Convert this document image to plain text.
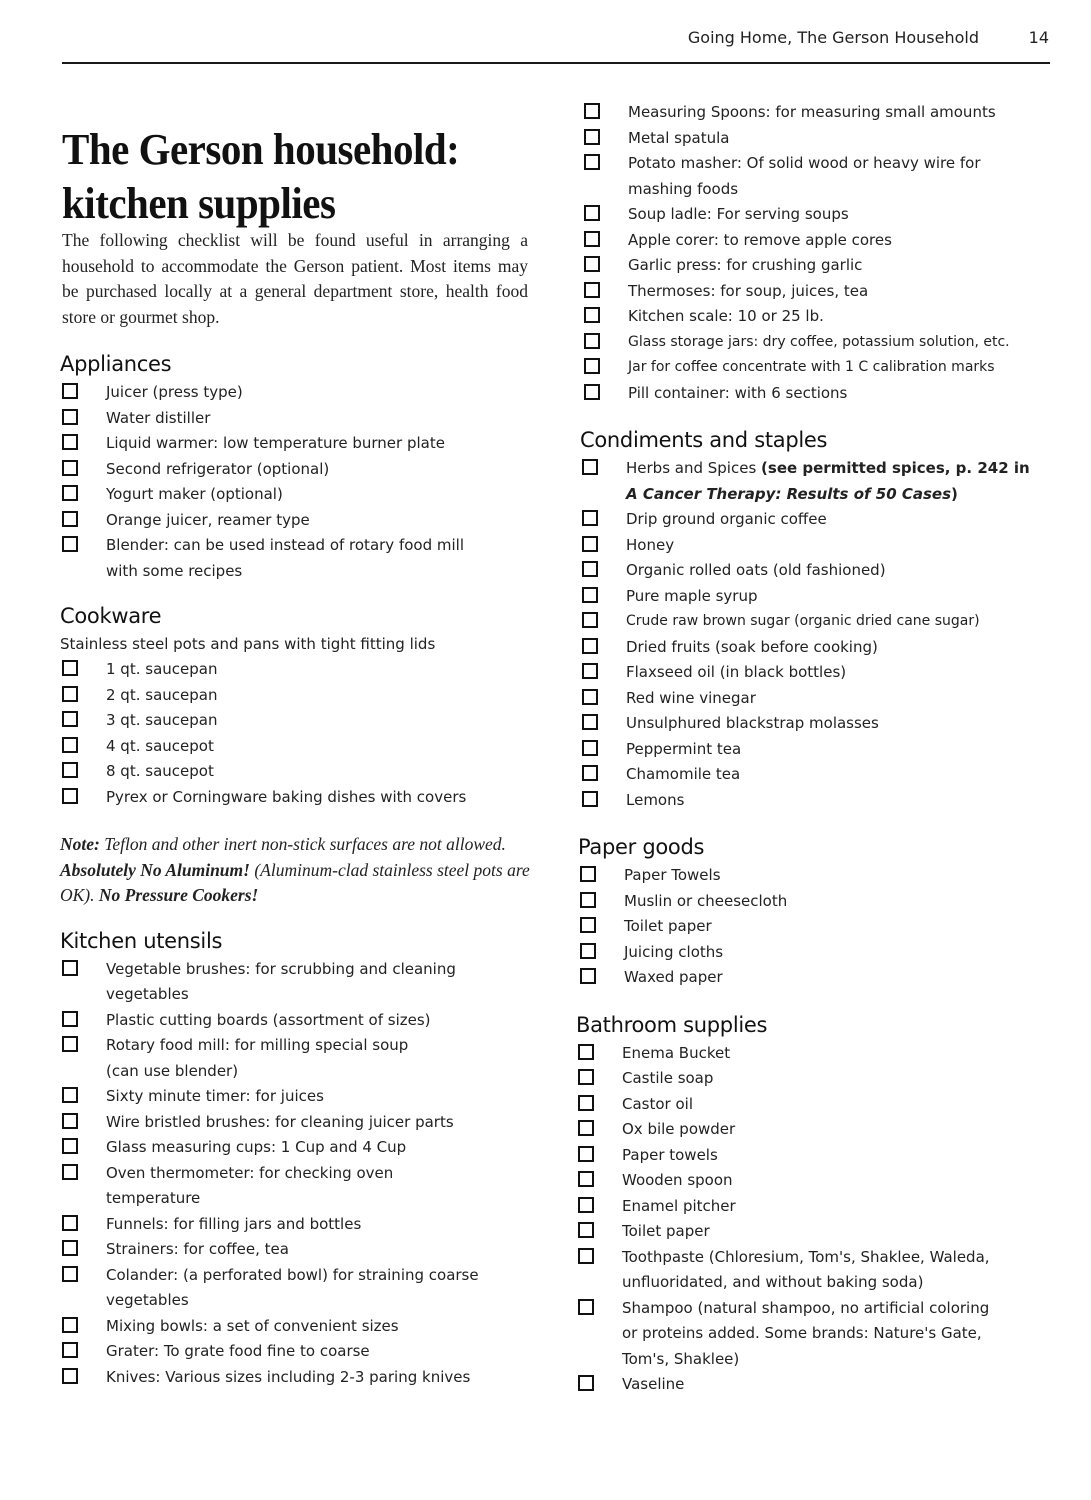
Going Home, The Gerson Household	14
The Gerson household:
kitchen supplies

The following checklist will be found useful in arranging a household to accommodate the Gerson patient. Most items may be purchased locally at a general department store, health food store or gourmet shop.

Appliances
Juicer (press type)
Water distiller
Liquid warmer: low temperature burner plate
Second refrigerator (optional)
Yogurt maker (optional)
Orange juicer, reamer type
Blender: can be used instead of rotary food mill with some recipes
Cookware

Stainless steel pots and pans with tight fitting lids

1 qt. saucepan
2 qt. saucepan
3 qt. saucepan
4 qt. saucepot
8 qt. saucepot
Pyrex or Corningware baking dishes with covers

Note: Teflon and other inert non-stick surfaces are not allowed. Absolutely No Aluminum! (Aluminum-clad stainless steel pots are OK). No Pressure Cookers!

Kitchen utensils
Vegetable brushes: for scrubbing and cleaning vegetables
Plastic cutting boards (assortment of sizes)
Rotary food mill: for milling special soup (can use blender)
Sixty minute timer: for juices
Wire bristled brushes: for cleaning juicer parts
Glass measuring cups: 1 Cup and 4 Cup
Oven thermometer: for checking oven temperature
Funnels: for filling jars and bottles
Strainers: for coffee, tea
Colander: (a perforated bowl) for straining coarse vegetables
Mixing bowls: a set of convenient sizes
Grater: To grate food fine to coarse
Knives: Various sizes including 2-3 paring knives
Measuring Spoons: for measuring small amounts
Metal spatula
Potato masher: Of solid wood or heavy wire for mashing foods
Soup ladle: For serving soups
Apple corer: to remove apple cores
Garlic press: for crushing garlic
Thermoses: for soup, juices, tea
Kitchen scale: 10 or 25 lb.
Glass storage jars: dry coffee, potassium solution, etc.
Jar for coffee concentrate with 1 C calibration marks
Pill container: with 6 sections
Condiments and staples
Herbs and Spices (see permitted spices, p. 242 in A Cancer Therapy: Results of 50 Cases)
Drip ground organic coffee
Honey
Organic rolled oats (old fashioned)
Pure maple syrup
Crude raw brown sugar (organic dried cane sugar)
Dried fruits (soak before cooking)
Flaxseed oil (in black bottles)
Red wine vinegar
Unsulphured blackstrap molasses
Peppermint tea
Chamomile tea
Lemons
Paper goods
Paper Towels
Muslin or cheesecloth
Toilet paper
Juicing cloths
Waxed paper
Bathroom supplies
Enema Bucket
Castile soap
Castor oil
Ox bile powder
Paper towels
Wooden spoon
Enamel pitcher
Toilet paper
Toothpaste (Chloresium, Tom's, Shaklee, Waleda, unfluoridated, and without baking soda)
Shampoo (natural shampoo, no artificial coloring or proteins added. Some brands: Nature's Gate, Tom's, Shaklee)
Vaseline
